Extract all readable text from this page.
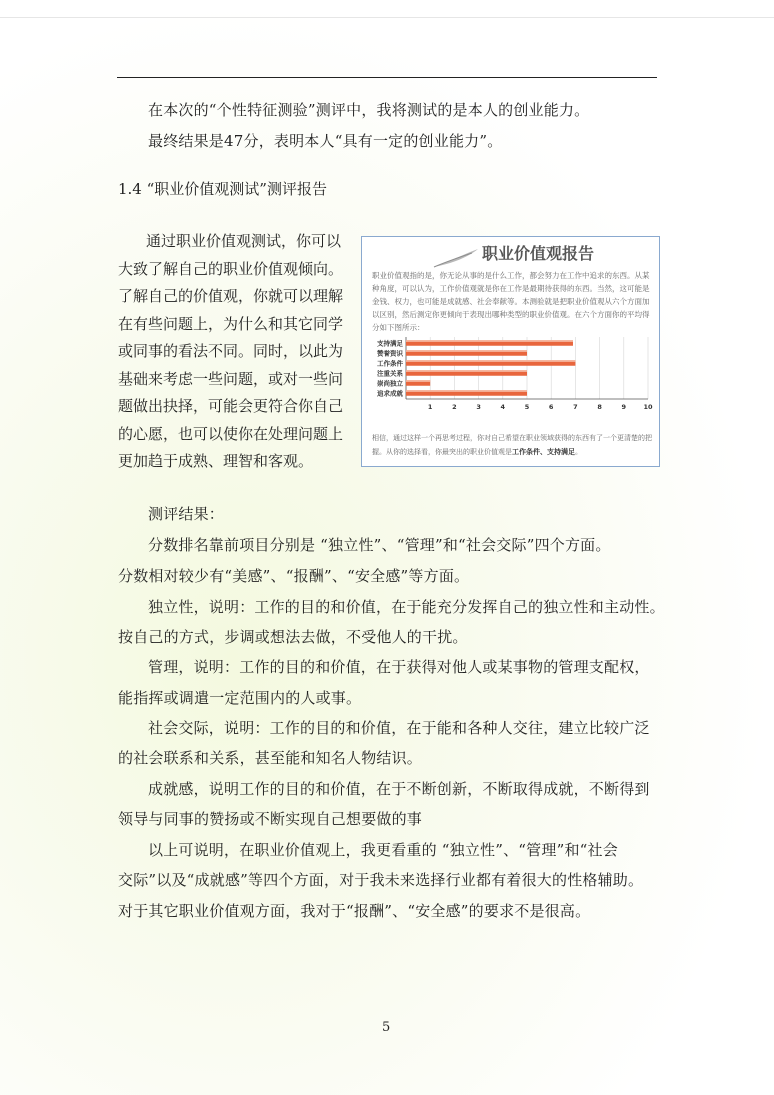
在本次的“个性特征测验”测评中，我将测试的是本人的创业能力。
最终结果是47分，表明本人“具有一定的创业能力”。
1.4 “职业价值观测试”测评报告
通过职业价值观测试，你可以
大致了解自己的职业价值观倾向。
了解自己的价值观，你就可以理解
在有些问题上，为什么和其它同学
或同事的看法不同。同时，以此为
基础来考虑一些问题，或对一些问
题做出抉择，可能会更符合你自己
的心愿，也可以使你在处理问题上
更加趋于成熟、理智和客观。
职业价值观报告
职业价值观指的是，你无论从事的是什么工作，都会努力在工作中追求的东西。从某种角度，可以认为，工作价值观就是你在工作是最期待获得的东西。当然，这可能是金钱、权力，也可能是成就感、社会奉献等。本测验就是把职业价值观从六个方面加以区别，然后测定你更倾向于表现出哪种类型的职业价值观。在六个方面你的平均得分如下图所示：
支持满足
赞誉资识
工作条件
注重关系
崇尚独立
追求成就
1	2	3	4	5	6	7	8	9	10
相信，通过这样一个再思考过程，你对自己希望在职业领域获得的东西有了一个更清楚的把握。从你的选择看，你最突出的职业价值观是工作条件、支持满足。
测评结果：
分数排名靠前项目分别是 “独立性”、“管理”和“社会交际”四个方面。
分数相对较少有“美感”、“报酬”、“安全感”等方面。
独立性，说明：工作的目的和价值，在于能充分发挥自己的独立性和主动性。
按自己的方式，步调或想法去做，不受他人的干扰。
管理，说明：工作的目的和价值，在于获得对他人或某事物的管理支配权，
能指挥或调遣一定范围内的人或事。
社会交际，说明：工作的目的和价值，在于能和各种人交往，建立比较广泛
的社会联系和关系，甚至能和知名人物结识。
成就感，说明工作的目的和价值，在于不断创新，不断取得成就，不断得到
领导与同事的赞扬或不断实现自己想要做的事
以上可说明，在职业价值观上，我更看重的 “独立性”、“管理”和“社会
交际”以及“成就感”等四个方面，对于我未来选择行业都有着很大的性格辅助。
对于其它职业价值观方面，我对于“报酬”、“安全感”的要求不是很高。
5
